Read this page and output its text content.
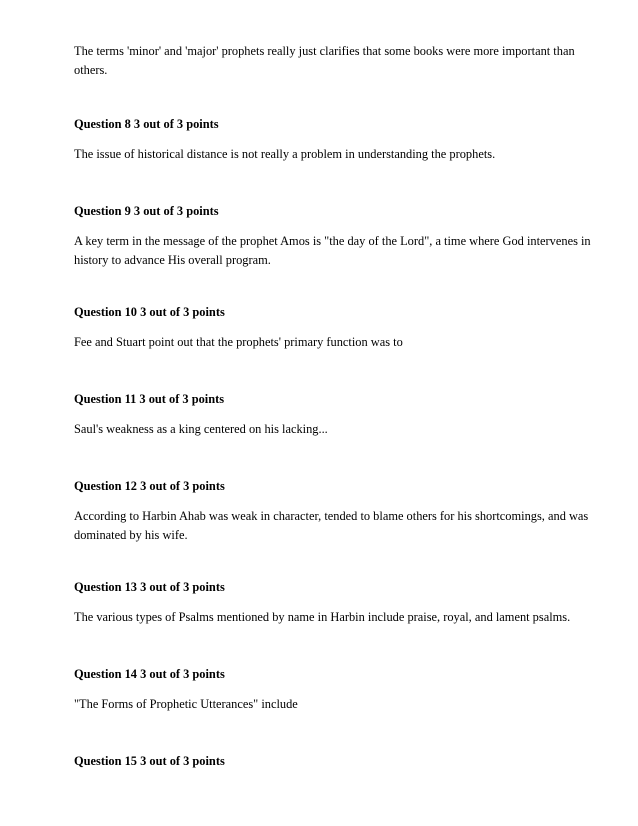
The terms 'minor' and 'major' prophets really just clarifies that some books were more important than others.

Question 8 3 out of 3 points

The issue of historical distance is not really a problem in understanding the prophets.

Question 9 3 out of 3 points

A key term in the message of the prophet Amos is "the day of the Lord", a time where God intervenes in history to advance His overall program.

Question 10 3 out of 3 points

Fee and Stuart point out that the prophets' primary function was to

Question 11 3 out of 3 points

Saul's weakness as a king centered on his lacking...

Question 12 3 out of 3 points

According to Harbin Ahab was weak in character, tended to blame others for his shortcomings, and was dominated by his wife.

Question 13 3 out of 3 points

The various types of Psalms mentioned by name in Harbin include praise, royal, and lament psalms.

Question 14 3 out of 3 points

"The Forms of Prophetic Utterances" include

Question 15 3 out of 3 points
